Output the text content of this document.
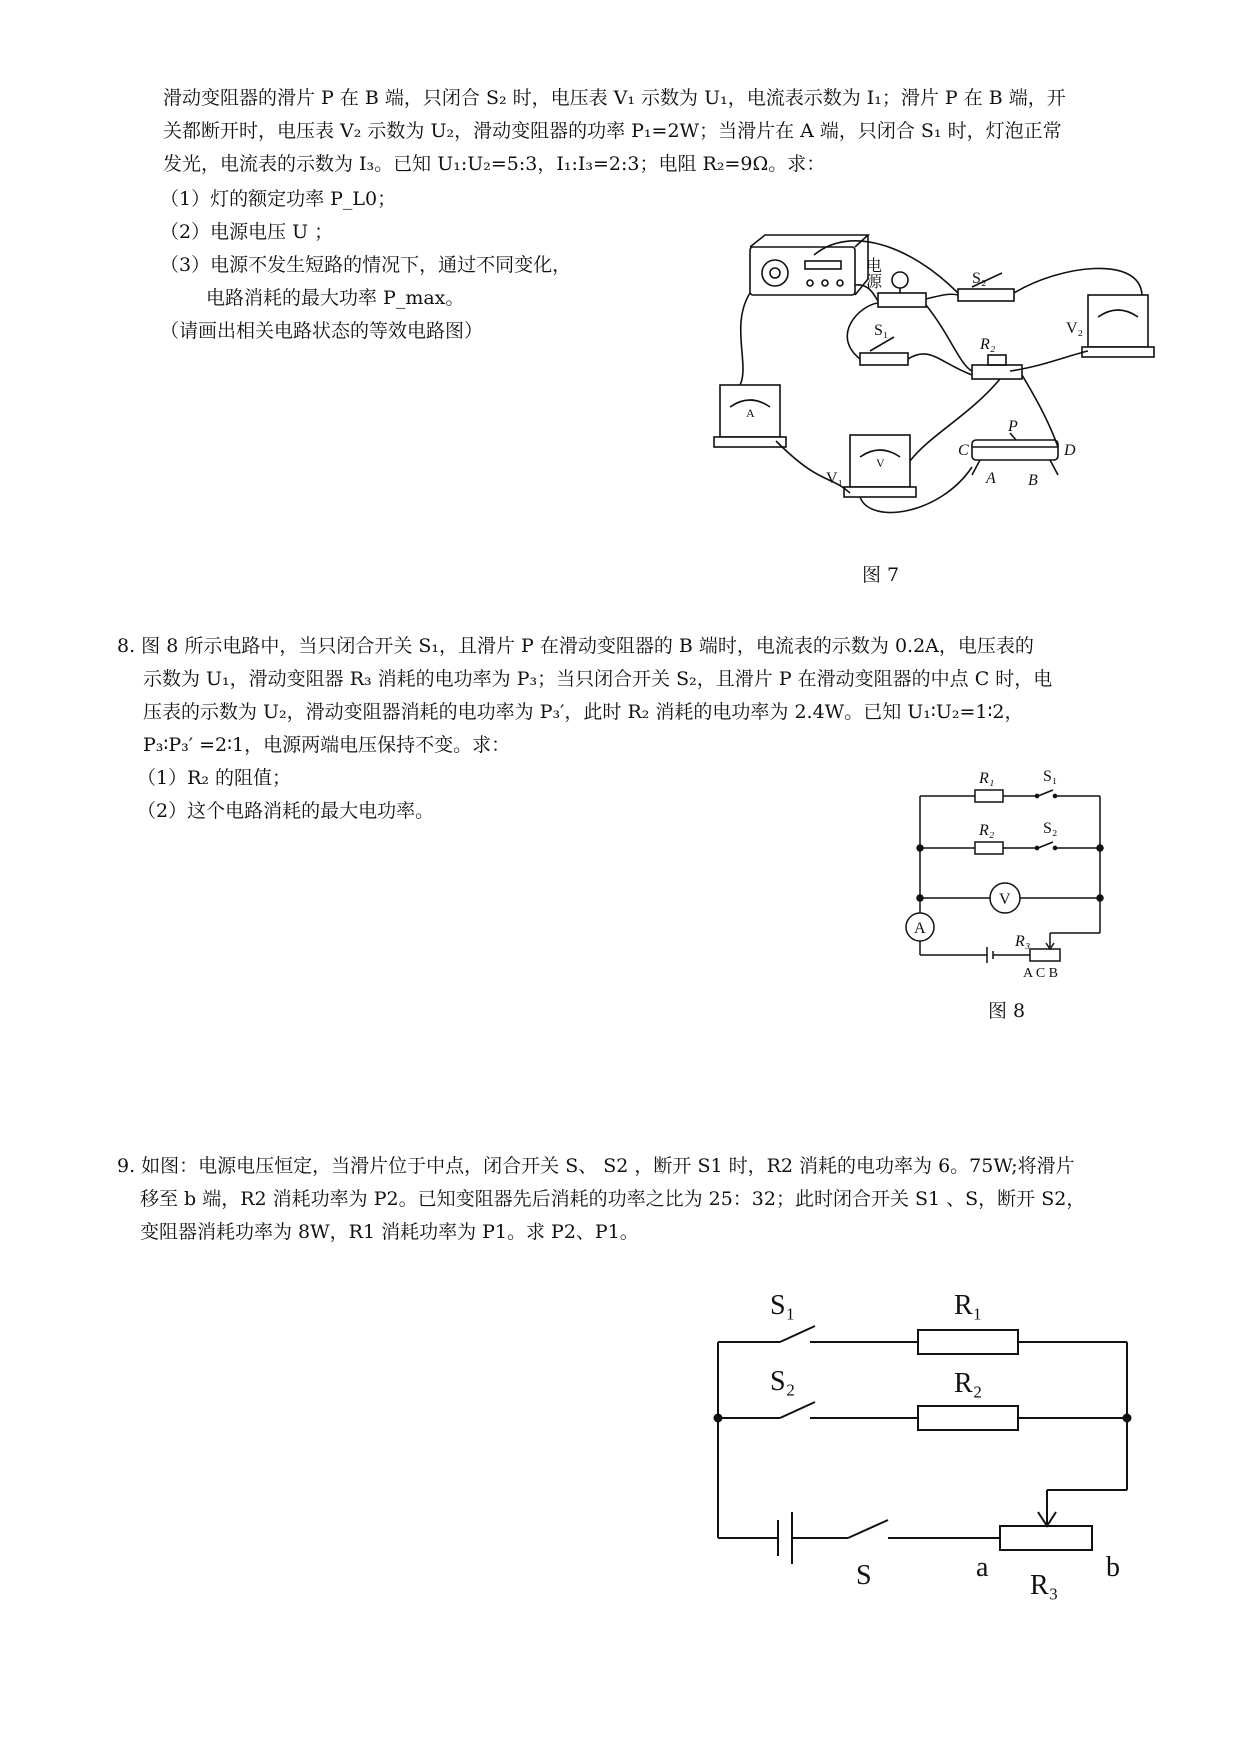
滑动变阻器的滑片 P 在 B 端，只闭合 S₂ 时，电压表 V₁ 示数为 U₁，电流表示数为 I₁；滑片 P 在 B 端，开
关都断开时，电压表 V₂ 示数为 U₂，滑动变阻器的功率 P₁=2W；当滑片在 A 端，只闭合 S₁ 时，灯泡正常
发光，电流表的示数为 I₃。已知 U₁:U₂=5:3，I₁:I₃=2:3；电阻 R₂=9Ω。求：
（1）灯的额定功率 P_L0；
（2）电源电压 U ；
（3）电源不发生短路的情况下，通过不同变化，
电路消耗的最大功率 P_max。
（请画出相关电路状态的等效电路图）
电源	S₂
V₂
S₁
R₂
A
V₁
V
P
C	D
A B
图 7
8. 图 8 所示电路中，当只闭合开关 S₁，且滑片 P 在滑动变阻器的 B 端时，电流表的示数为 0.2A，电压表的
示数为 U₁，滑动变阻器 R₃ 消耗的电功率为 P₃；当只闭合开关 S₂，且滑片 P 在滑动变阻器的中点 C 时，电
压表的示数为 U₂，滑动变阻器消耗的电功率为 P₃′，此时 R₂ 消耗的电功率为 2.4W。已知 U₁∶U₂=1∶2，
P₃∶P₃′ =2∶1，电源两端电压保持不变。求：
（1）R₂ 的阻值；
（2）这个电路消耗的最大电功率。
R₁	S₁
R₂	S₂
V
A
R₃
A C B
图 8
9. 如图：电源电压恒定，当滑片位于中点，闭合开关 S、 S2 ，断开 S1 时，R2 消耗的电功率为 6。75W;将滑片
移至 b 端，R2 消耗功率为 P2。已知变阻器先后消耗的功率之比为 25：32；此时闭合开关 S1 、S，断开 S2，
变阻器消耗功率为 8W，R1 消耗功率为 P1。求 P2、P1。
S₁	R₁
S₂	R₂
S	a
R₃
b
